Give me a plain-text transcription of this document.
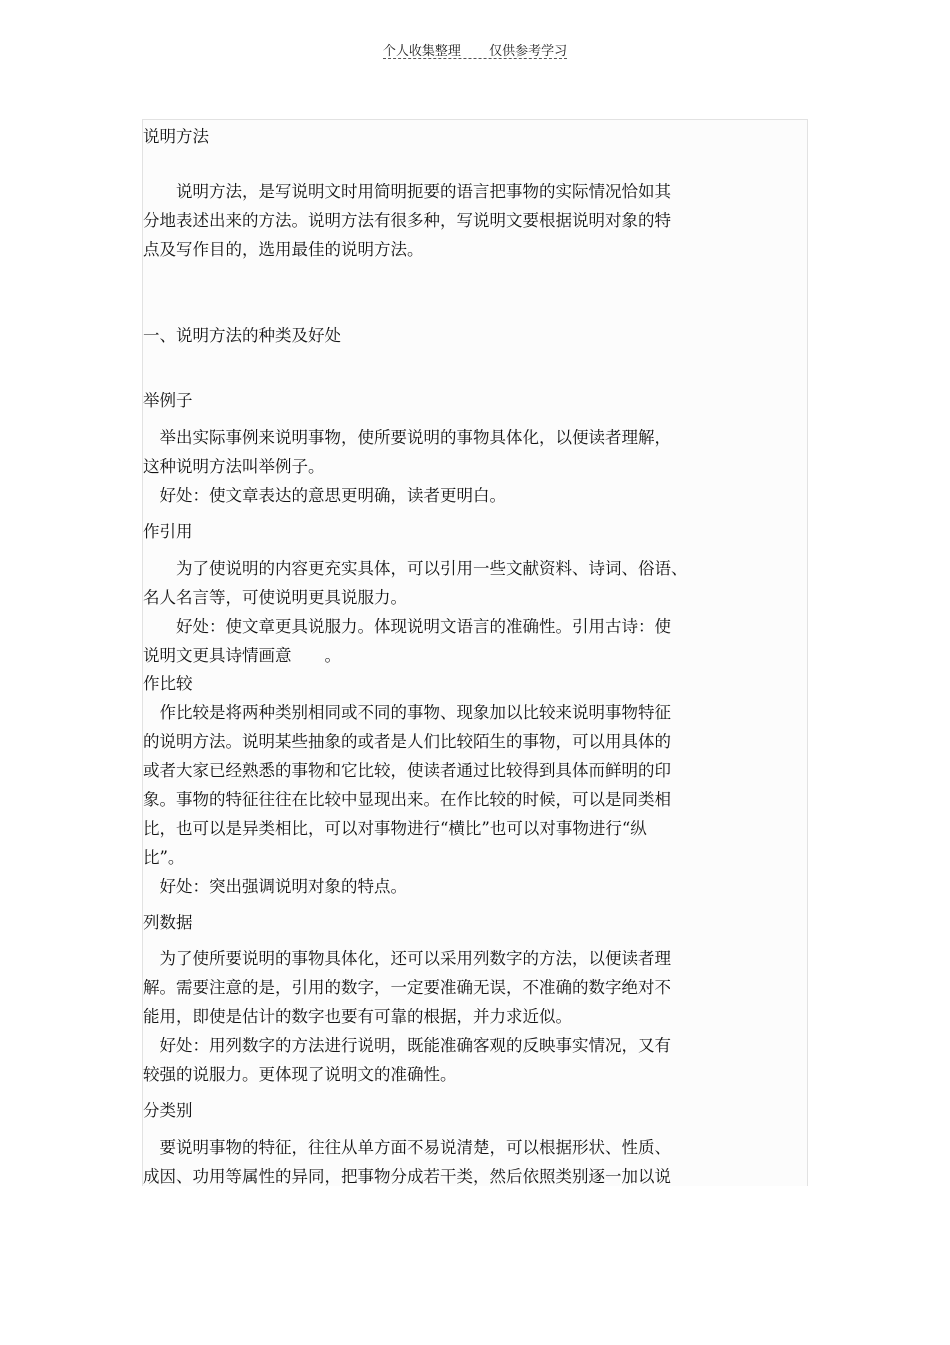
个人收集整理 仅供参考学习
说明方法
　　说明方法，是写说明文时用简明扼要的语言把事物的实际情况恰如其
分地表述出来的方法。说明方法有很多种，写说明文要根据说明对象的特
点及写作目的，选用最佳的说明方法。
一、说明方法的种类及好处
举例子
　举出实际事例来说明事物，使所要说明的事物具体化，以便读者理解，
这种说明方法叫举例子。
　好处：使文章表达的意思更明确，读者更明白。
作引用
　　为了使说明的内容更充实具体，可以引用一些文献资料、诗词、俗语、
名人名言等，可使说明更具说服力。
　　好处：使文章更具说服力。体现说明文语言的准确性。引用古诗：使
说明文更具诗情画意　　。
作比较
　作比较是将两种类别相同或不同的事物、现象加以比较来说明事物特征
的说明方法。说明某些抽象的或者是人们比较陌生的事物，可以用具体的
或者大家已经熟悉的事物和它比较，使读者通过比较得到具体而鲜明的印
象。事物的特征往往在比较中显现出来。在作比较的时候，可以是同类相
比，也可以是异类相比，可以对事物进行“横比”也可以对事物进行“纵
比”。
　好处：突出强调说明对象的特点。
列数据
　为了使所要说明的事物具体化，还可以采用列数字的方法，以便读者理
解。需要注意的是，引用的数字，一定要准确无误，不准确的数字绝对不
能用，即使是估计的数字也要有可靠的根据，并力求近似。
　好处：用列数字的方法进行说明，既能准确客观的反映事实情况，又有
较强的说服力。更体现了说明文的准确性。
分类别
　要说明事物的特征，往往从单方面不易说清楚，可以根据形状、性质、
成因、功用等属性的异同，把事物分成若干类，然后依照类别逐一加以说
